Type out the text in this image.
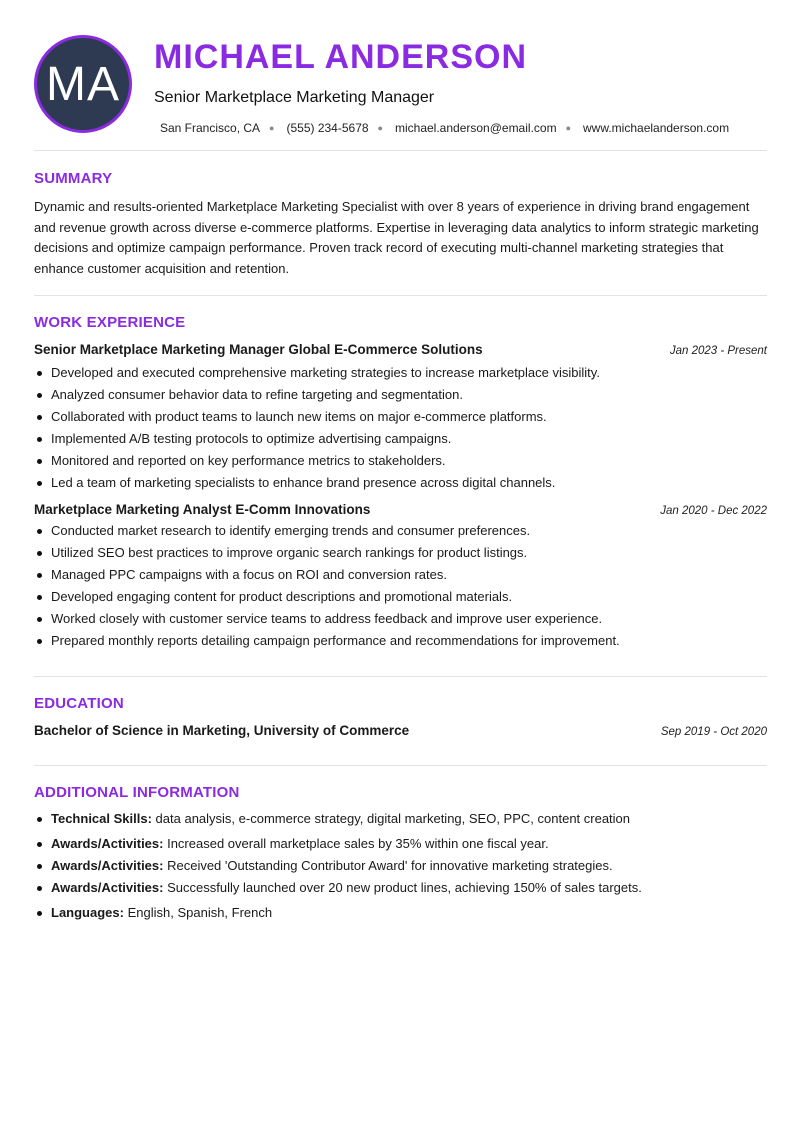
MA
MICHAEL ANDERSON
Senior Marketplace Marketing Manager
San Francisco, CA ● (555) 234-5678 ● michael.anderson@email.com ● www.michaelanderson.com
SUMMARY

Dynamic and results-oriented Marketplace Marketing Specialist with over 8 years of experience in driving brand engagement and revenue growth across diverse e-commerce platforms. Expertise in leveraging data analytics to inform strategic marketing decisions and optimize campaign performance. Proven track record of executing multi-channel marketing strategies that enhance customer acquisition and retention.

WORK EXPERIENCE
Senior Marketplace Marketing Manager Global E-Commerce Solutions	Jan 2023 - Present
Developed and executed comprehensive marketing strategies to increase marketplace visibility.
Analyzed consumer behavior data to refine targeting and segmentation.
Collaborated with product teams to launch new items on major e-commerce platforms.
Implemented A/B testing protocols to optimize advertising campaigns.
Monitored and reported on key performance metrics to stakeholders.
Led a team of marketing specialists to enhance brand presence across digital channels.
Marketplace Marketing Analyst E-Comm Innovations	Jan 2020 - Dec 2022
Conducted market research to identify emerging trends and consumer preferences.
Utilized SEO best practices to improve organic search rankings for product listings.
Managed PPC campaigns with a focus on ROI and conversion rates.
Developed engaging content for product descriptions and promotional materials.
Worked closely with customer service teams to address feedback and improve user experience.
Prepared monthly reports detailing campaign performance and recommendations for improvement.
EDUCATION
Bachelor of Science in Marketing, University of Commerce	Sep 2019 - Oct 2020
ADDITIONAL INFORMATION
Technical Skills: data analysis, e-commerce strategy, digital marketing, SEO, PPC, content creation
Awards/Activities: Increased overall marketplace sales by 35% within one fiscal year.
Awards/Activities: Received 'Outstanding Contributor Award' for innovative marketing strategies.
Awards/Activities: Successfully launched over 20 new product lines, achieving 150% of sales targets.
Languages: English, Spanish, French
